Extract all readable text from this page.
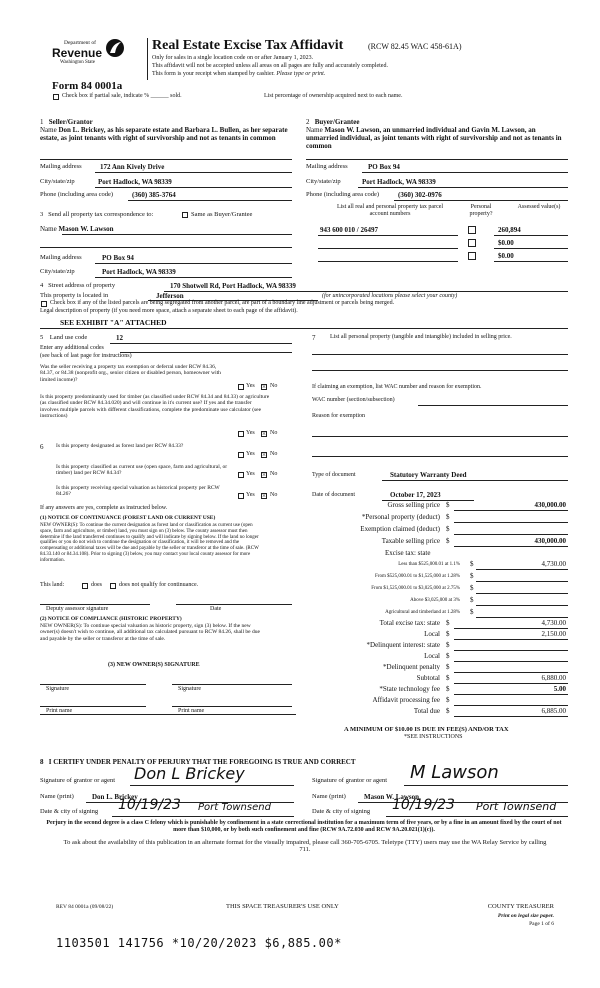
Department of
Revenue
Washington State
Real Estate Excise Tax Affidavit	(RCW 82.45 WAC 458-61A)
Only for sales in a single location code on or after January 1, 2023.
This affidavit will not be accepted unless all areas on all pages are fully and accurately completed.
This form is your receipt when stamped by cashier. Please type or print.
Form 84 0001a
Check box if partial sale, indicate % ______ sold.	List percentage of ownership acquired next to each name.
1 Seller/Grantor
Name Don L. Brickey, as his separate estate and Barbara L. Bullen, as her separate estate, as joint tenants with right of survivorship and not as tenants in common
Mailing address	172 Ann Kively Drive
City/state/zip	Port Hadlock, WA 98339
Phone (including area code)	(360) 385-3764
2 Buyer/Grantee
Name Mason W. Lawson, an unmarried individual and Gavin M. Lawson, an unmarried individual, as joint tenants with right of survivorship and not as tenants in common
Mailing address	PO Box 94
City/state/zip	Port Hadlock, WA 98339
Phone (including area code)	(360) 302-0976
3 Send all property tax correspondence to:	Same as Buyer/Grantee
Name Mason W. Lawson
Mailing address	PO Box 94
City/state/zip	Port Hadlock, WA 98339
List all real and personal property tax parcel account numbers
Personal property?
Assessed value(s)
943 600 010 / 26497	260,894
$0.00
$0.00
4 Street address of property	170 Shotwell Rd, Port Hadlock, WA 98339
This property is located in	Jefferson	(for unincorporated locations please select your county)
Check box if any of the listed parcels are being segregated from another parcel, are part of a boundary line adjustment or parcels being merged.
Legal description of property (if you need more space, attach a separate sheet to each page of the affidavit).
SEE EXHIBIT "A" ATTACHED
5 Land use code	12
Enter any additional codes
(see back of last page for instructions)
Was the seller receiving a property tax exemption or deferral under RCW 84.36, 84.37, or 84.38 (nonprofit org., senior citizen or disabled person, homeowner with limited income)?
Yes × No
Is this property predominantly used for timber (as classified under RCW 84.34 and 84.33) or agriculture (as classified under RCW 84.34.020) and will continue in it's current use? If yes and the transfer involves multiple parcels with different classifications, complete the predominate use calculator (see instructions)
Yes × No
6 Is this property designated as forest land per RCW 84.33?
Yes × No
Is this property classified as current use (open space, farm and agricultural, or timber) land per RCW 84.34?	Yes × No
Is this property receiving special valuation as historical property per RCW 84.26?	Yes × No
If any answers are yes, complete as instructed below.
(1) NOTICE OF CONTINUANCE (FOREST LAND OR CURRENT USE)
NEW OWNER(S): To continue the current designation as forest land or classification as current use (open space, farm and agriculture, or timber) land, you must sign on (3) below. The county assessor must then determine if the land transferred continues to qualify and will indicate by signing below. If the land no longer qualifies or you do not wish to continue the designation or classification, it will be removed and the compensating or additional taxes will be due and payable by the seller or transferor at the time of sale. (RCW 84.33.140 or 84.34.108). Prior to signing (3) below, you may contact your local county assessor for more information.
This land:	does	does not qualify for continuance.
Deputy assessor signature	Date
(2) NOTICE OF COMPLIANCE (HISTORIC PROPERTY)
NEW OWNER(S): To continue special valuation as historic property, sign (3) below. If the new owner(s) doesn't wish to continue, all additional tax calculated pursuant to RCW 84.26, shall be due and payable by the seller or transferor at the time of sale.
(3) NEW OWNER(S) SIGNATURE
Signature	Signature
Print name	Print name
7 List all personal property (tangible and intangible) included in selling price.
If claiming an exemption, list WAC number and reason for exemption.
WAC number (section/subsection)
Reason for exemption
Type of document	Statutory Warranty Deed
Date of document	October 17, 2023
Gross selling price $	430,000.00
*Personal property (deduct) $
Exemption claimed (deduct) $
Taxable selling price $	430,000.00
Excise tax: state
Less than $525,000.01 at 1.1% $	4,730.00
From $525,000.01 to $1,525,000 at 1.28% $
From $1,525,000.01 to $3,025,000 at 2.75% $
Above $3,025,000 at 3% $
Agricultural and timberland at 1.28% $
Total excise tax: state $	4,730.00
Local $	2,150.00
*Delinquent interest: state $
Local $
*Delinquent penalty $
Subtotal $	6,880.00
*State technology fee $	5.00
Affidavit processing fee $
Total due $	6,885.00
A MINIMUM OF $10.00 IS DUE IN FEE(S) AND/OR TAX
*SEE INSTRUCTIONS
8 I CERTIFY UNDER PENALTY OF PERJURY THAT THE FOREGOING IS TRUE AND CORRECT
Signature of grantor or agent Don L Brickey	Signature of grantor or agent M Lawson
Name (print)	Don L. Brickey	Name (print)	Mason W. Lawson
Date & city of signing 10/19/23 Port Townsend	Date & city of signing 10/19/23 Port Townsend
Perjury in the second degree is a class C felony which is punishable by confinement in a state correctional institution for a maximum term of five years, or by a fine in an amount fixed by the court of not more than $10,000, or by both such confinement and fine (RCW 9A.72.030 and RCW 9A.20.021(1)(c)).
To ask about the availability of this publication in an alternate format for the visually impaired, please call 360-705-6705. Teletype (TTY) users may use the WA Relay Service by calling 711.
REV 84 0001a (09/08/22)	THIS SPACE TREASURER'S USE ONLY	COUNTY TREASURER
Print on legal size paper.
Page 1 of 6
1103501 141756 *10/20/2023 $6,885.00*
